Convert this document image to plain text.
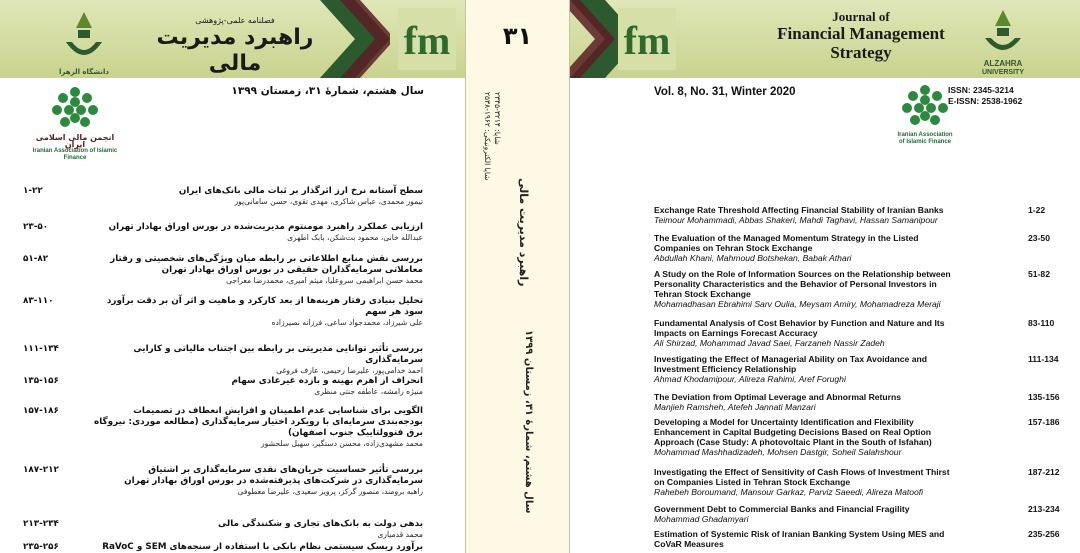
fm
فصلنامه علمی-پژوهشی
راهبرد مدیریت مالی
دانشگاه الزهرا
سال هشتم، شمارهٔ ۳۱، زمستان ۱۳۹۹
انجمن مالی اسلامی ایران
Iranian Association of Islamic Finance
سطح آستانه نرخ ارز اثرگذار بر ثبات مالی بانک‌های ایران
تیمور محمدی، عباس شاکری، مهدی تقوی، حسن سامانی‌پور
۱-۲۲
ارزیابی عملکرد راهبرد مومنتوم مدیریت‌شده در بورس اوراق بهادار تهران
عبدالله خانی، محمود بت‌شکن، بابک اطهری
۲۳-۵۰
بررسی نقش منابع اطلاعاتی بر رابطه میان ویژگی‌های شخصیتی و رفتار معاملاتی سرمایه‌گذاران حقیقی در بورس اوراق بهادار تهران
محمد حسن ابراهیمی سروعلیا، میثم امیری، محمدرضا معراجی
۵۱-۸۲
تحلیل بنیادی رفتار هزینه‌ها از بعد کارکرد و ماهیت و اثر آن بر دقت برآورد سود هر سهم
علی شیرزاد، محمدجواد ساعی، فرزانه نصیرزاده
۸۳-۱۱۰
بررسی تأثیر توانایی مدیریتی بر رابطه بین اجتناب مالیاتی و کارایی سرمایه‌گذاری
احمد خدامی‌پور، علیرضا رحیمی، عارف فروغی
۱۱۱-۱۳۴
انحراف از اهرم بهینه و بازده غیرعادی سهام
منیژه رامشه، عاطفه جنتی منظری
۱۳۵-۱۵۶
الگویی برای شناسایی عدم اطمینان و افزایش انعطاف در تصمیمات بودجه‌بندی سرمایه‌ای با رویکرد اختیار سرمایه‌گذاری (مطالعه موردی: نیروگاه برق فتوولتاییک جنوب اصفهان)
محمد مشهدی‌زاده، محسن دستگیر، سهیل سلحشور
۱۵۷-۱۸۶
بررسی تأثیر حساسیت جریان‌های نقدی سرمایه‌گذاری بر اشتیاق سرمایه‌گذاری در شرکت‌های پذیرفته‌شده در بورس اوراق بهادار تهران
راهبه برومند، منصور گرکز، پرویز سعیدی، علیرضا معطوفی
۱۸۷-۲۱۲
بدهی دولت به بانک‌های تجاری و شکنندگی مالی
محمد قدمیاری
۲۱۳-۲۳۴
برآورد ریسک سیستمی نظام بانکی با استفاده از سنجه‌های SEM و RaVoC
۲۳۵-۲۵۶
۳۱
راهبرد مدیریت مالی
سال هشتم، شمارهٔ ۳۱، زمستان ۱۳۹۹
شاپا: ۳۲۱۴-۲۳۴۵
شاپا الکترونیکی: ۱۹۶۲-۲۵۳۸
fm
Journal of
Financial Management
Strategy
ALZAHRA
UNIVERSITY
Vol. 8, No. 31, Winter 2020
Iranian Association
of Islamic Finance
ISSN: 2345-3214
E-ISSN: 2538-1962
Exchange Rate Threshold Affecting Financial Stability of Iranian Banks
Teimour Mohammadi, Abbas Shakeri, Mahdi Taghavi, Hassan Samanipour
1-22
The Evaluation of the Managed Momentum Strategy in the Listed Companies on Tehran Stock Exchange
Abdullah Khani, Mahmoud Botshekan, Babak Athari
23-50
A Study on the Role of Information Sources on the Relationship between Personality Characteristics and the Behavior of Personal Investors in Tehran Stock Exchange
Mohamadhasan Ebrahimi Sarv Oulia, Meysam Amiry, Mohamadreza Meraji
51-82
Fundamental Analysis of Cost Behavior by Function and Nature and Its Impacts on Earnings Forecast Accuracy
Ali Shirzad, Mohammad Javad Saei, Farzaneh Nassir Zadeh
83-110
Investigating the Effect of Managerial Ability on Tax Avoidance and Investment Efficiency Relationship
Ahmad Khodamipour, Alireza Rahimi, Aref Forughi
111-134
The Deviation from Optimal Leverage and Abnormal Returns
Manjieh Ramsheh, Atefeh Jannati Manzari
135-156
Developing a Model for Uncertainty Identification and Flexibility Enhancement in Capital Budgeting Decisions Based on Real Option Approach (Case Study: A photovoltaic Plant in the South of Isfahan)
Mohammad Mashhadizadeh, Mohsen Dastgir, Soheil Salahshour
157-186
Investigating the Effect of Sensitivity of Cash Flows of Investment Thirst on Companies Listed in Tehran Stock Exchange
Rahebeh Boroumand, Mansour Garkaz, Parviz Saeedi, Alireza Matoofi
187-212
Government Debt to Commercial Banks and Financial Fragility
Mohammad Ghadamyari
213-234
Estimation of Systemic Risk of Iranian Banking System Using MES and CoVaR Measures
235-256
